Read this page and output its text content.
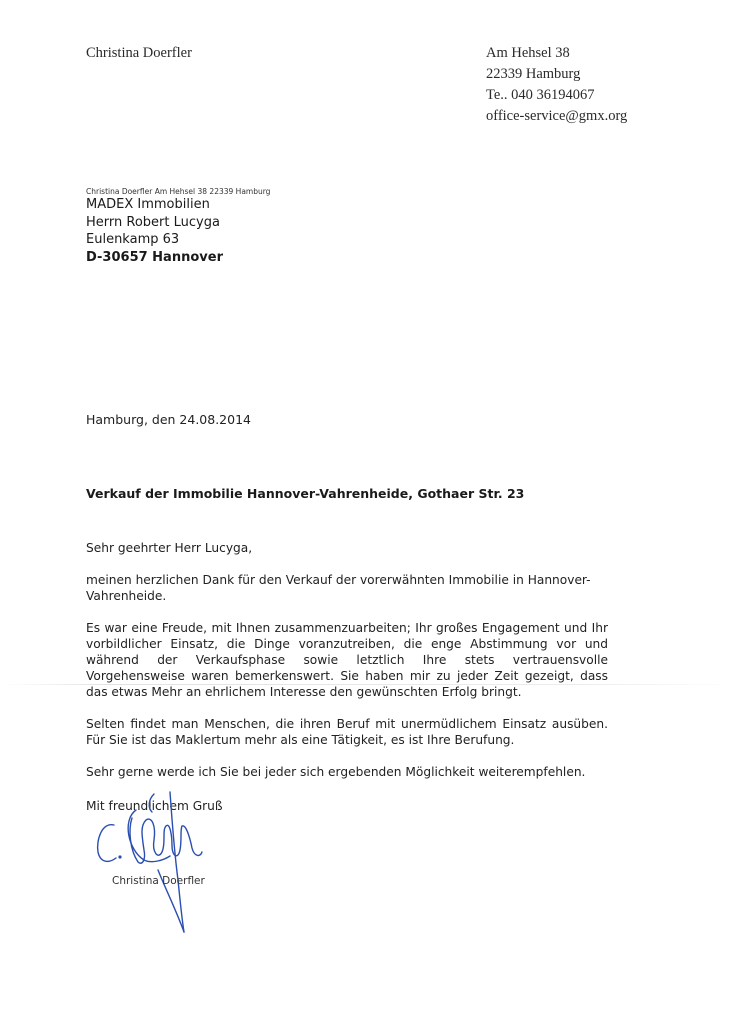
Christina Doerfler	Am Hehsel 38
22339 Hamburg
Te.. 040 36194067
office-service@gmx.org
Christina Doerfler Am Hehsel 38 22339 Hamburg
MADEX Immobilien
Herrn Robert Lucyga
Eulenkamp 63
D-30657 Hannover
Hamburg, den 24.08.2014
Verkauf der Immobilie Hannover-Vahrenheide, Gothaer Str. 23

Sehr geehrter Herr Lucyga,

meinen herzlichen Dank für den Verkauf der vorerwähnten Immobilie in Hannover-Vahrenheide.

Es war eine Freude, mit Ihnen zusammenzuarbeiten; Ihr großes Engagement und Ihr vorbildlicher Einsatz, die Dinge voranzutreiben, die enge Abstimmung vor und während der Verkaufsphase sowie letztlich Ihre stets vertrauensvolle Vorgehensweise waren bemerkenswert. Sie haben mir zu jeder Zeit gezeigt, dass das etwas Mehr an ehrlichem Interesse den gewünschten Erfolg bringt.

Selten findet man Menschen, die ihren Beruf mit unermüdlichem Einsatz ausüben. Für Sie ist das Maklertum mehr als eine Tätigkeit, es ist Ihre Berufung.

Sehr gerne werde ich Sie bei jeder sich ergebenden Möglichkeit weiterempfehlen.

Mit freundlichem Gruß
Christina Doerfler
